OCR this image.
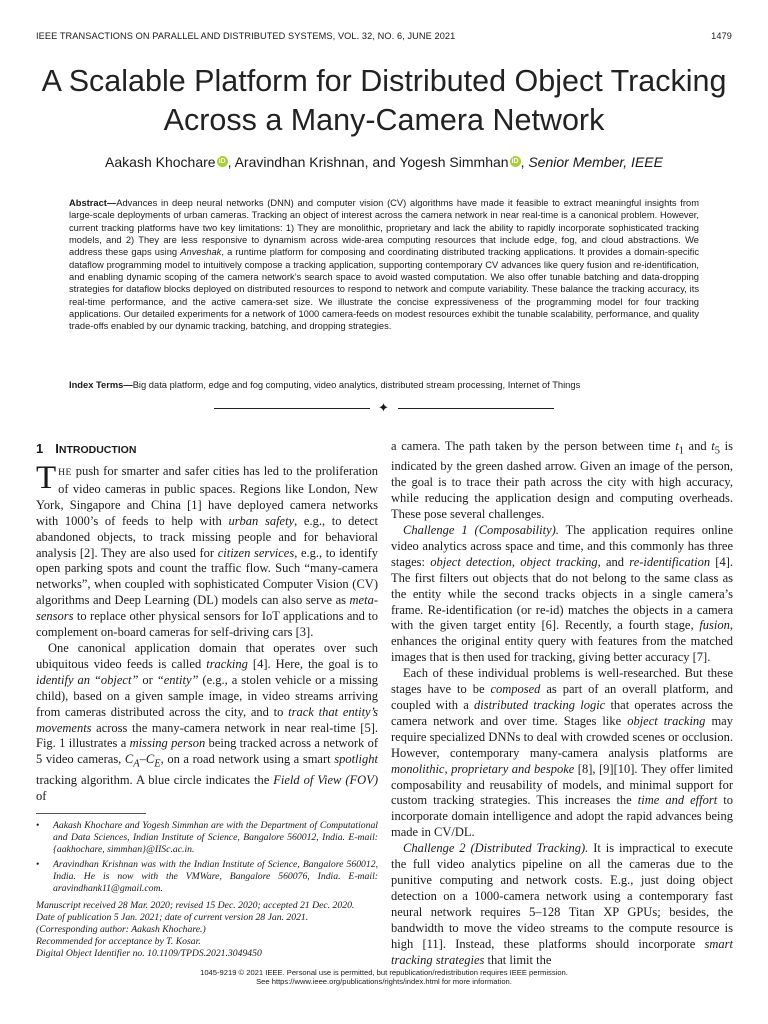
IEEE TRANSACTIONS ON PARALLEL AND DISTRIBUTED SYSTEMS, VOL. 32, NO. 6, JUNE 2021	1479
A Scalable Platform for Distributed Object Tracking Across a Many-Camera Network
Aakash Khochare iD , Aravindhan Krishnan, and Yogesh Simmhan iD , Senior Member, IEEE

Abstract—Advances in deep neural networks (DNN) and computer vision (CV) algorithms have made it feasible to extract meaningful insights from large-scale deployments of urban cameras. Tracking an object of interest across the camera network in near real-time is a canonical problem. However, current tracking platforms have two key limitations: 1) They are monolithic, proprietary and lack the ability to rapidly incorporate sophisticated tracking models, and 2) They are less responsive to dynamism across wide-area computing resources that include edge, fog, and cloud abstractions. We address these gaps using Anveshak, a runtime platform for composing and coordinating distributed tracking applications. It provides a domain-specific dataflow programming model to intuitively compose a tracking application, supporting contemporary CV advances like query fusion and re-identification, and enabling dynamic scoping of the camera network’s search space to avoid wasted computation. We also offer tunable batching and data-dropping strategies for dataflow blocks deployed on distributed resources to respond to network and compute variability. These balance the tracking accuracy, its real-time performance, and the active camera-set size. We illustrate the concise expressiveness of the programming model for four tracking applications. Our detailed experiments for a network of 1000 camera-feeds on modest resources exhibit the tunable scalability, performance, and quality trade-offs enabled by our dynamic tracking, batching, and dropping strategies.

Index Terms—Big data platform, edge and fog computing, video analytics, distributed stream processing, Internet of Things

✦
1 INTRODUCTION

THE push for smarter and safer cities has led to the proliferation of video cameras in public spaces. Regions like London, New York, Singapore and China [1] have deployed camera networks with 1000’s of feeds to help with urban safety, e.g., to detect abandoned objects, to track missing people and for behavioral analysis [2]. They are also used for citizen services, e.g., to identify open parking spots and count the traffic flow. Such “many-camera networks”, when coupled with sophisticated Computer Vision (CV) algorithms and Deep Learning (DL) models can also serve as meta-sensors to replace other physical sensors for IoT applications and to complement on-board cameras for self-driving cars [3].

One canonical application domain that operates over such ubiquitous video feeds is called tracking [4]. Here, the goal is to identify an “object” or “entity” (e.g., a stolen vehicle or a missing child), based on a given sample image, in video streams arriving from cameras distributed across the city, and to track that entity’s movements across the many-camera network in near real-time [5]. Fig. 1 illustrates a missing person being tracked across a network of 5 video cameras, $C_A-C_E$, on a road network using a smart spotlight tracking algorithm. A blue circle indicates the Field of View (FOV) of

a camera. The path taken by the person between time $t_1$ and $t_5$ is indicated by the green dashed arrow. Given an image of the person, the goal is to trace their path across the city with high accuracy, while reducing the application design and computing overheads. These pose several challenges.

Challenge 1 (Composability). The application requires online video analytics across space and time, and this commonly has three stages: object detection, object tracking, and re-identification [4]. The first filters out objects that do not belong to the same class as the entity while the second tracks objects in a single camera’s frame. Re-identification (or re-id) matches the objects in a camera with the given target entity [6]. Recently, a fourth stage, fusion, enhances the original entity query with features from the matched images that is then used for tracking, giving better accuracy [7].

Each of these individual problems is well-researched. But these stages have to be composed as part of an overall platform, and coupled with a distributed tracking logic that operates across the camera network and over time. Stages like object tracking may require specialized DNNs to deal with crowded scenes or occlusion. However, contemporary many-camera analysis platforms are monolithic, proprietary and bespoke [8], [9][10]. They offer limited composability and reusability of models, and minimal support for custom tracking strategies. This increases the time and effort to incorporate domain intelligence and adopt the rapid advances being made in CV/DL.

Challenge 2 (Distributed Tracking). It is impractical to execute the full video analytics pipeline on all the cameras due to the punitive computing and network costs. E.g., just doing object detection on a 1000-camera network using a contemporary fast neural network requires 5–128 Titan XP GPUs; besides, the bandwidth to move the video streams to the compute resource is high [11]. Instead, these platforms should incorporate smart tracking strategies that limit the

• Aakash Khochare and Yogesh Simmhan are with the Department of Computational and Data Sciences, Indian Institute of Science, Bangalore 560012, India. E-mail: {aakhochare, simmhan}@IISc.ac.in.
• Aravindhan Krishnan was with the Indian Institute of Science, Bangalore 560012, India. He is now with the VMWare, Bangalore 560076, India. E-mail: aravindhank11@gmail.com.
Manuscript received 28 Mar. 2020; revised 15 Dec. 2020; accepted 21 Dec. 2020.
Date of publication 5 Jan. 2021; date of current version 28 Jan. 2021.
(Corresponding author: Aakash Khochare.)
Recommended for acceptance by T. Kosar.
Digital Object Identifier no. 10.1109/TPDS.2021.3049450
1045-9219 © 2021 IEEE. Personal use is permitted, but republication/redistribution requires IEEE permission.
See https://www.ieee.org/publications/rights/index.html for more information.
